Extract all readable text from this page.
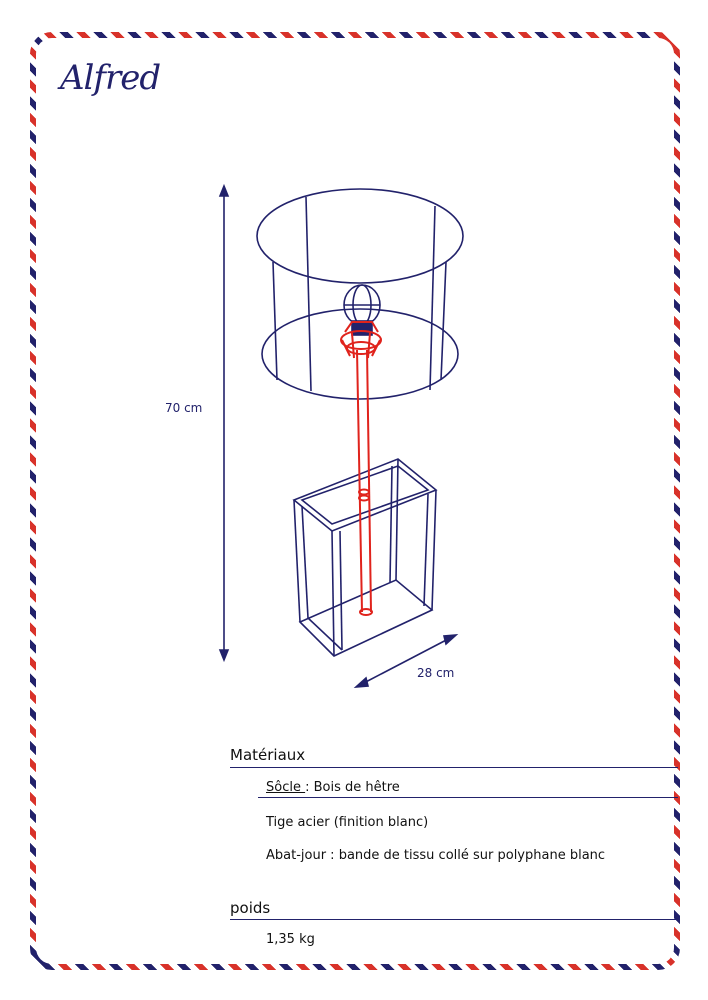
Alfred
70 cm
28 cm
Matériaux
Sôcle : Bois de hêtre
Tige acier (finition blanc)
Abat-jour : bande de tissu collé sur polyphane blanc
poids
1,35 kg
